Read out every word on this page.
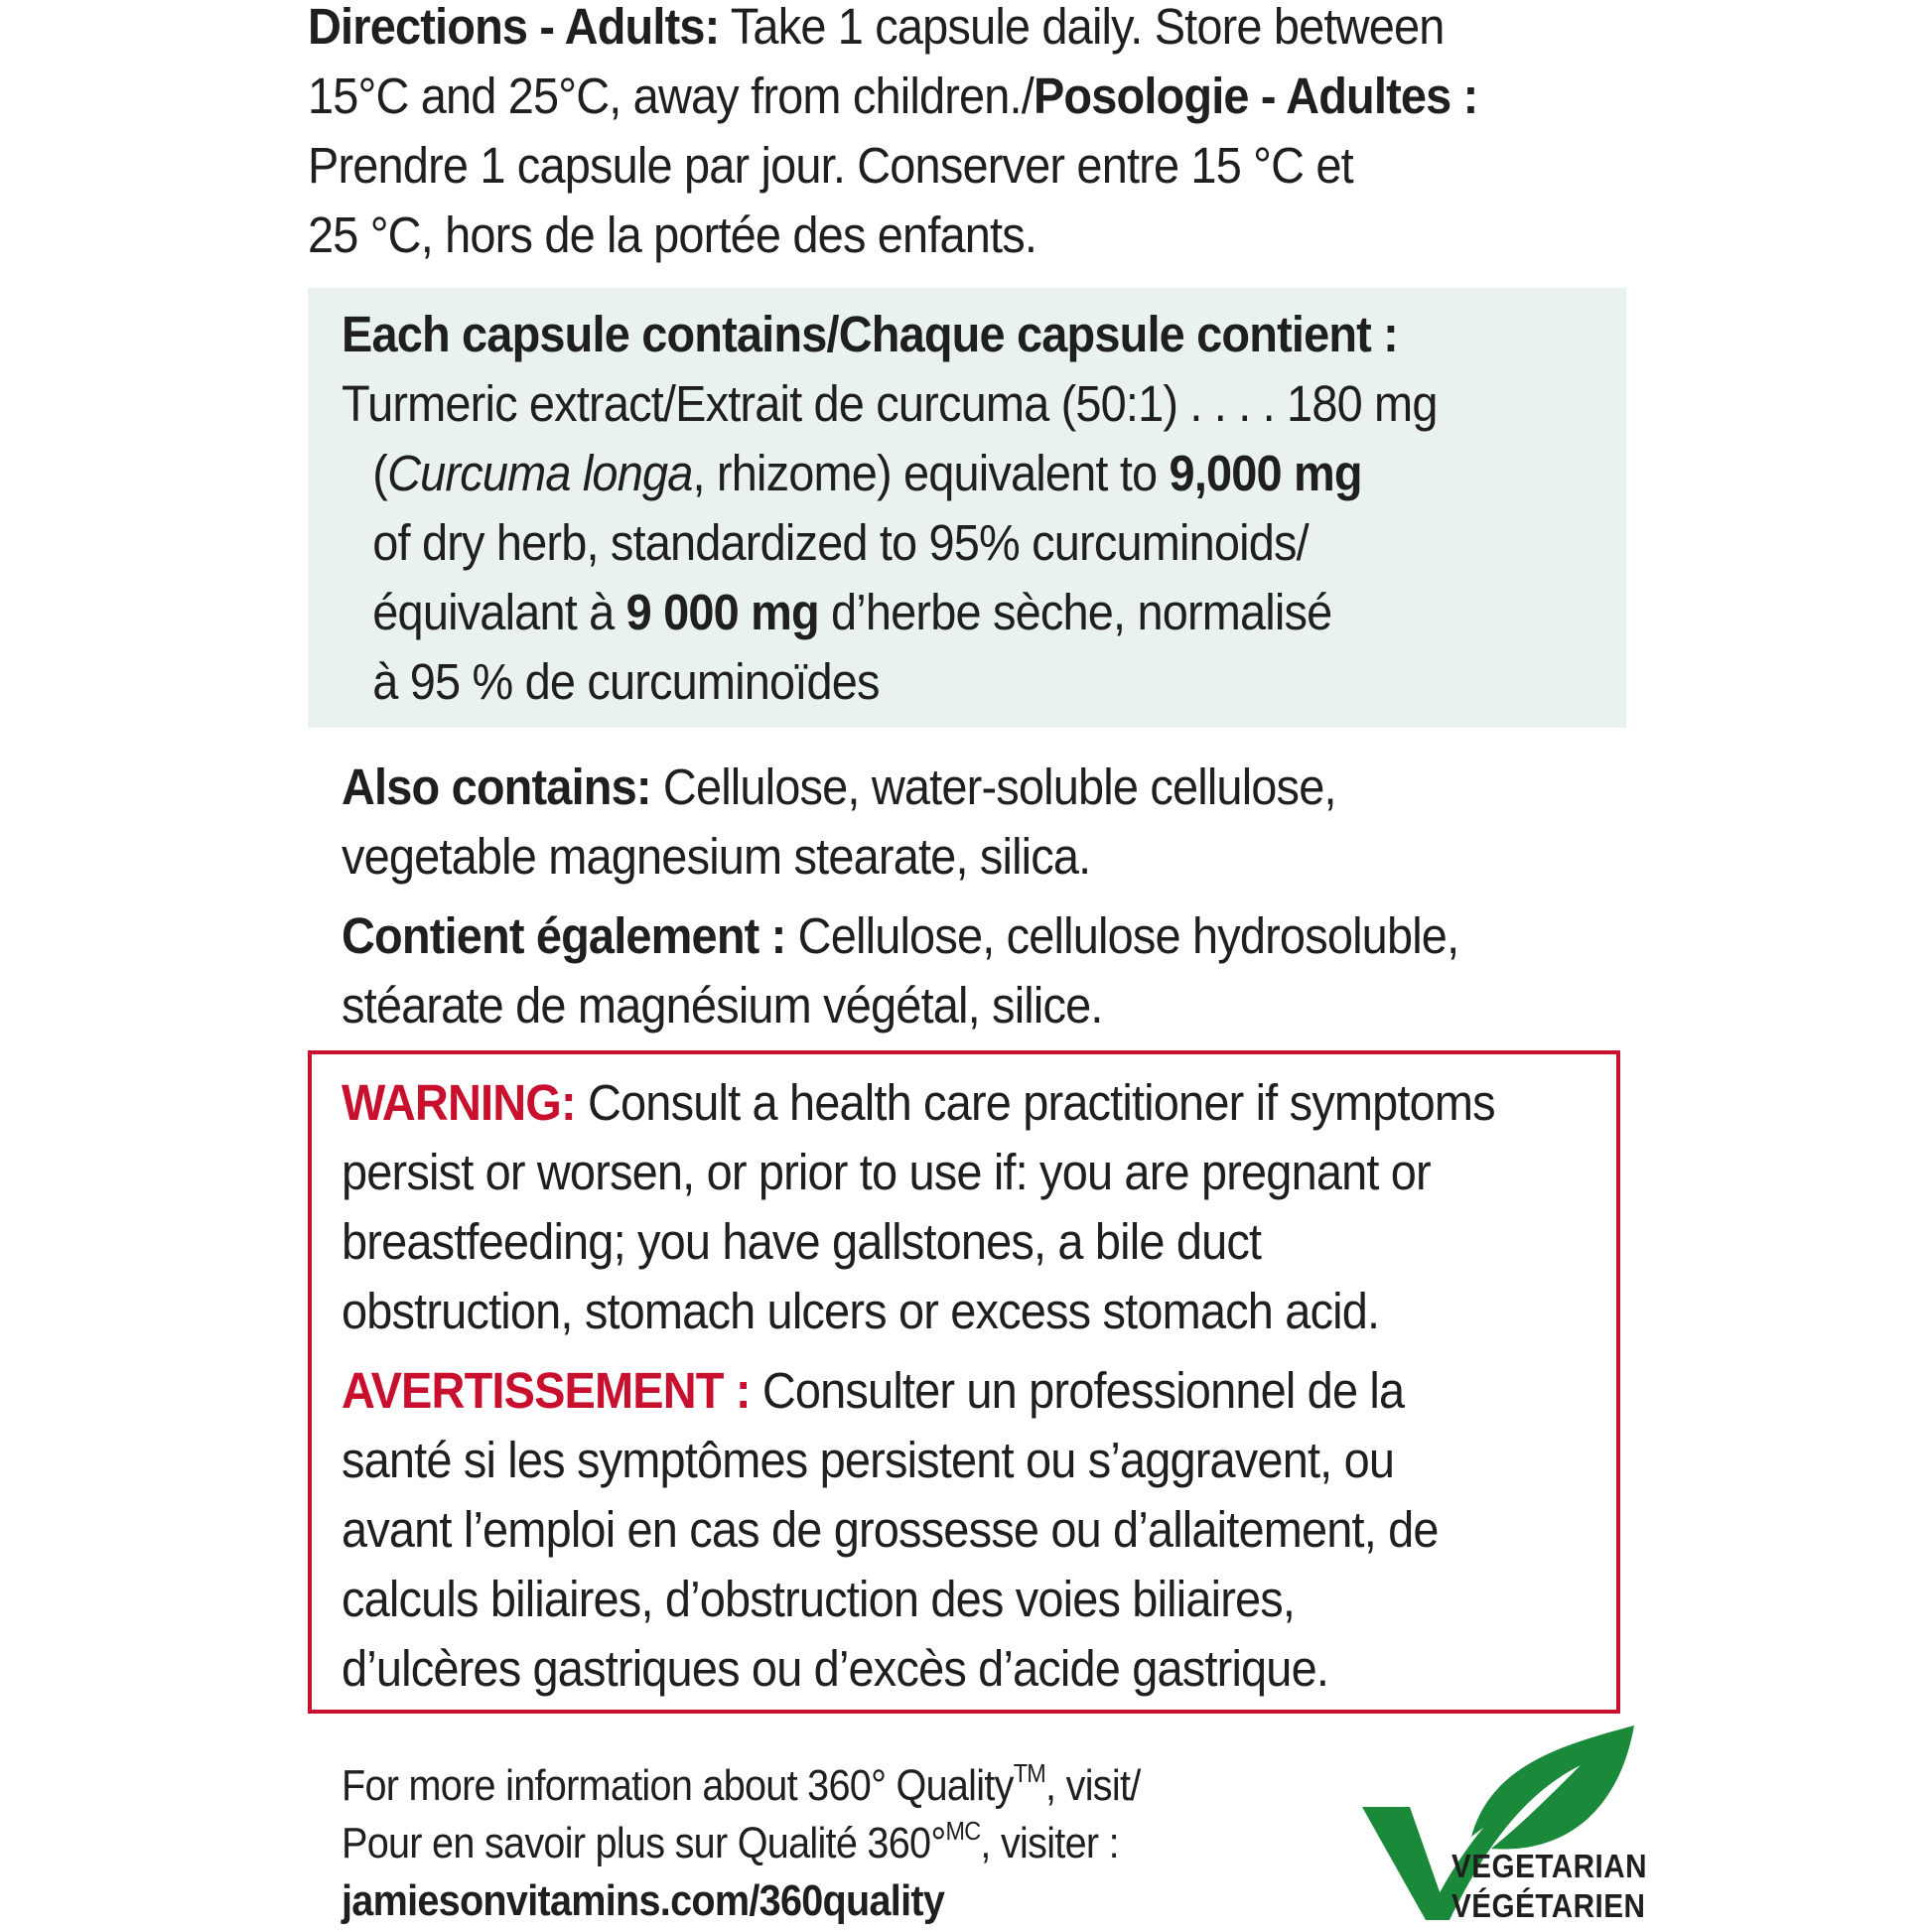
Directions - Adults: Take 1 capsule daily. Store between
15°C and 25°C, away from children./Posologie - Adultes :
Prendre 1 capsule par jour. Conserver entre 15 °C et
25 °C, hors de la portée des enfants.
Each capsule contains/Chaque capsule contient :
Turmeric extract/Extrait de curcuma (50:1) . . . . 180 mg
(Curcuma longa, rhizome) equivalent to 9,000 mg
of dry herb, standardized to 95% curcuminoids/
équivalant à 9 000 mg d’herbe sèche, normalisé
à 95 % de curcuminoïdes
Also contains: Cellulose, water-soluble cellulose,
vegetable magnesium stearate, silica.
Contient également : Cellulose, cellulose hydrosoluble,
stéarate de magnésium végétal, silice.
WARNING: Consult a health care practitioner if symptoms
persist or worsen, or prior to use if: you are pregnant or
breastfeeding; you have gallstones, a bile duct
obstruction, stomach ulcers or excess stomach acid.
AVERTISSEMENT : Consulter un professionnel de la
santé si les symptômes persistent ou s’aggravent, ou
avant l’emploi en cas de grossesse ou d’allaitement, de
calculs biliaires, d’obstruction des voies biliaires,
d’ulcères gastriques ou d’excès d’acide gastrique.
For more information about 360° Quality™, visit/
Pour en savoir plus sur Qualité 360°$^{MC}$, visiter :
jamiesonvitamins.com/360quality
VEGETARIAN
VÉGÉTARIEN
